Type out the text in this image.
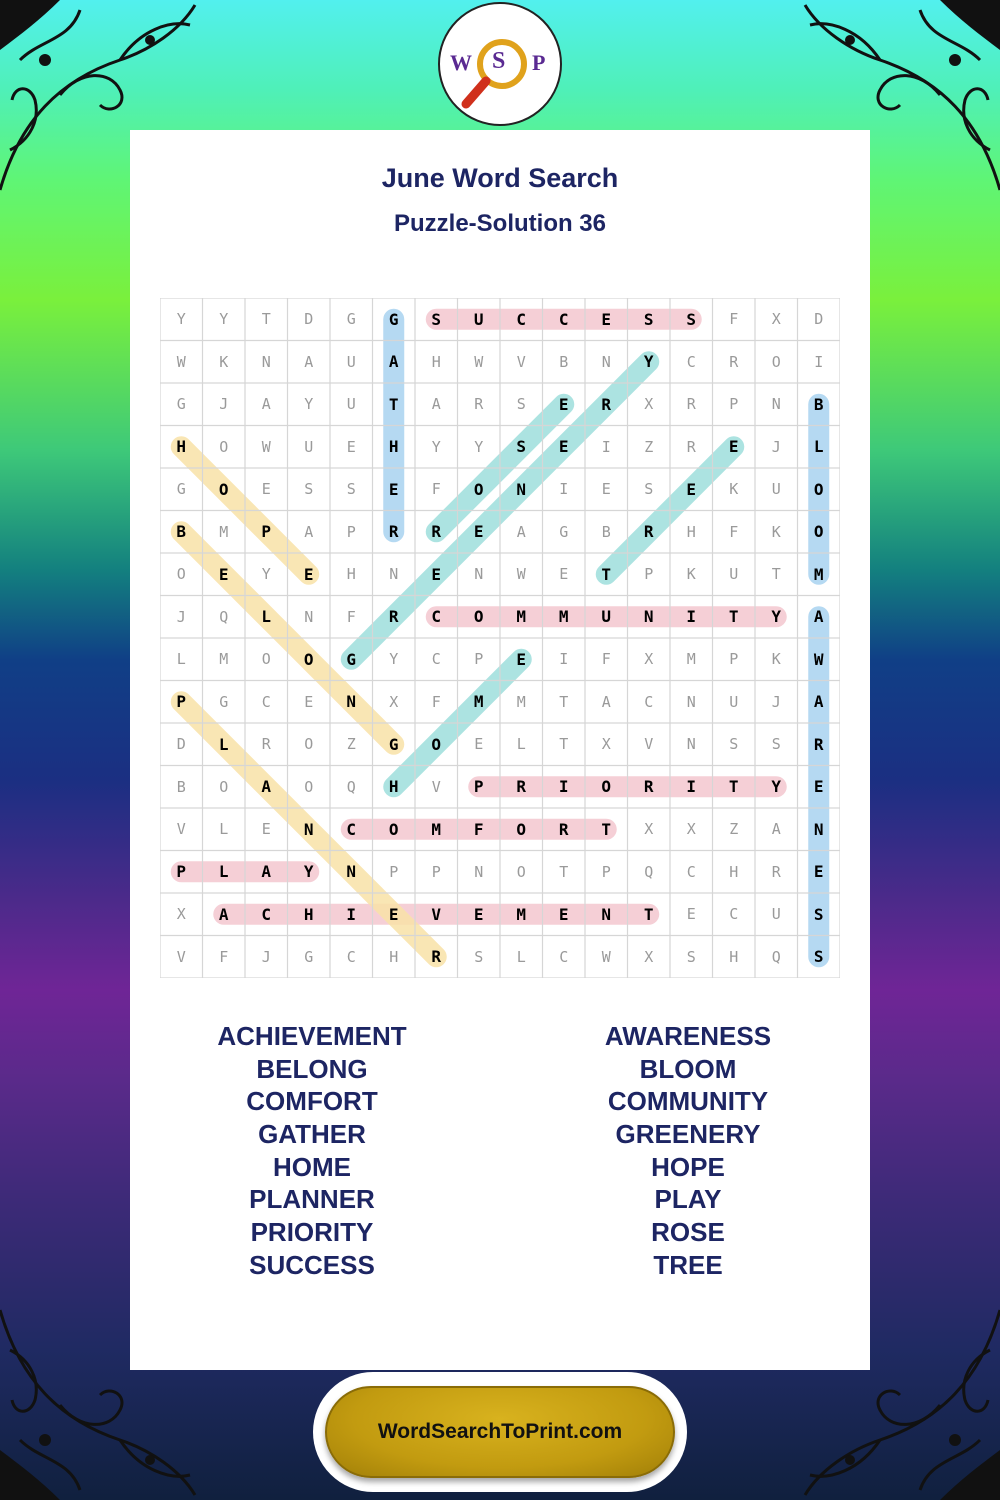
W S P
June Word Search
Puzzle-Solution 36
Y	Y	T	D	G	G	S	U	C	C	E	S	S	F	X	D
W	K	N	A	U	A	H	W	V	B	N	Y	C	R	O	I
G	J	A	Y	U	T	A	R	S	E	R	X	R	P	N	B
H	O	W	U	E	H	Y	Y	S	E	I	Z	R	E	J	L
G	O	E	S	S	E	F	O	N	I	E	S	E	K	U	O
B	M	P	A	P	R	R	E	A	G	B	R	H	F	K	O
O	E	Y	E	H	N	E	N	W	E	T	P	K	U	T	M
J	Q	L	N	F	R	C	O	M	M	U	N	I	T	Y	A
L	M	O	O	G	Y	C	P	E	I	F	X	M	P	K	W
P	G	C	E	N	X	F	M	M	T	A	C	N	U	J	A
D	L	R	O	Z	G	O	E	L	T	X	V	N	S	S	R
B	O	A	O	Q	H	V	P	R	I	O	R	I	T	Y	E
V	L	E	N	C	O	M	F	O	R	T	X	X	Z	A	N
P	L	A	Y	N	P	P	N	O	T	P	Q	C	H	R	E
X	A	C	H	I	E	V	E	M	E	N	T	E	C	U	S
V	F	J	G	C	H	R	S	L	C	W	X	S	H	Q	S
ACHIEVEMENT
BELONG
COMFORT
GATHER
HOME
PLANNER
PRIORITY
SUCCESS
AWARENESS
BLOOM
COMMUNITY
GREENERY
HOPE
PLAY
ROSE
TREE
WordSearchToPrint.com
